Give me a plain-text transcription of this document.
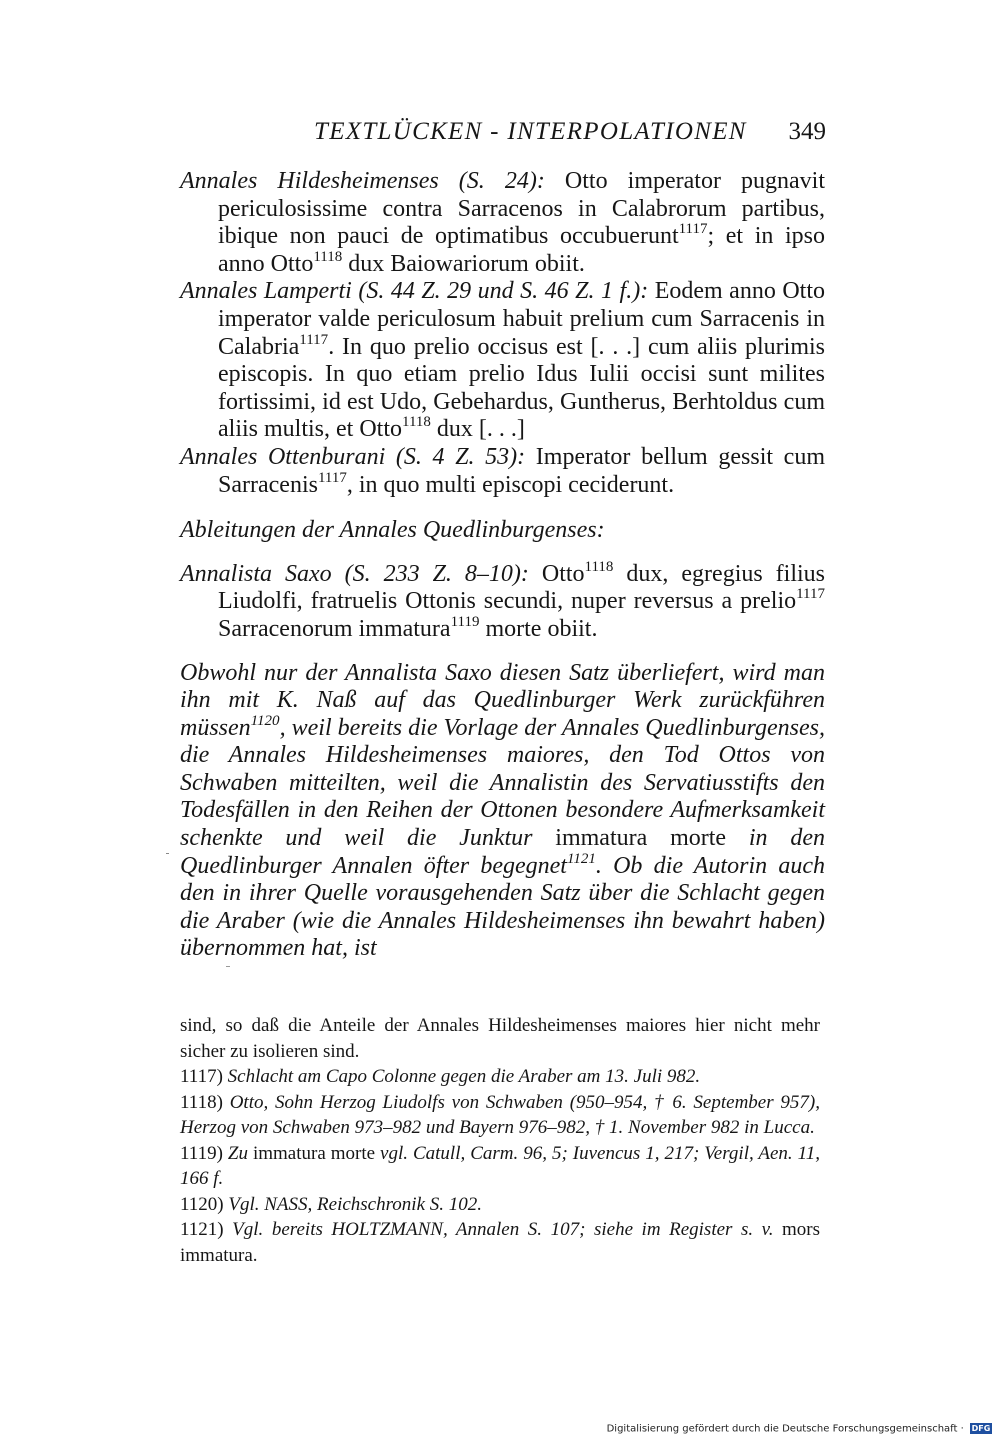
TEXTLÜCKEN - INTERPOLATIONEN 349

Annales Hildesheimenses (S. 24): Otto imperator pugnavit periculosissime contra Sarracenos in Calabrorum partibus, ibique non pauci de optimatibus occubuerunt$^{1117}$; et in ipso anno Otto$^{1118}$ dux Baiowariorum obiit.

Annales Lamperti (S. 44 Z. 29 und S. 46 Z. 1 f.): Eodem anno Otto imperator valde periculosum habuit prelium cum Sarracenis in Calabria$^{1117}$. In quo prelio occisus est [. . .] cum aliis plurimis episcopis. In quo etiam prelio Idus Iulii occisi sunt milites fortissimi, id est Udo, Gebehardus, Guntherus, Berhtoldus cum aliis multis, et Otto$^{1118}$ dux [. . .]

Annales Ottenburani (S. 4 Z. 53): Imperator bellum gessit cum Sarracenis$^{1117}$, in quo multi episcopi ceciderunt.

Ableitungen der Annales Quedlinburgenses:

Annalista Saxo (S. 233 Z. 8–10): Otto$^{1118}$ dux, egregius filius Liudolfi, fratruelis Ottonis secundi, nuper reversus a prelio$^{1117}$ Sarracenorum immatura$^{1119}$ morte obiit.

Obwohl nur der Annalista Saxo diesen Satz überliefert, wird man ihn mit K. Naß auf das Quedlinburger Werk zurückführen müssen$^{1120}$, weil bereits die Vorlage der Annales Quedlinburgenses, die Annales Hildesheimenses maiores, den Tod Ottos von Schwaben mitteilten, weil die Annalistin des Servatiusstifts den Todesfällen in den Reihen der Ottonen besondere Aufmerksamkeit schenkte und weil die Junktur immatura morte in den Quedlinburger Annalen öfter begegnet$^{1121}$. Ob die Autorin auch den in ihrer Quelle vorausgehenden Satz über die Schlacht gegen die Araber (wie die Annales Hildesheimenses ihn bewahrt haben) übernommen hat, ist

sind, so daß die Anteile der Annales Hildesheimenses maiores hier nicht mehr sicher zu isolieren sind.

1117) Schlacht am Capo Colonne gegen die Araber am 13. Juli 982.

1118) Otto, Sohn Herzog Liudolfs von Schwaben (950–954, † 6. September 957), Herzog von Schwaben 973–982 und Bayern 976–982, † 1. November 982 in Lucca.

1119) Zu immatura morte vgl. Catull, Carm. 96, 5; Iuvencus 1, 217; Vergil, Aen. 11, 166 f.

1120) Vgl. NASS, Reichschronik S. 102.

1121) Vgl. bereits HOLTZMANN, Annalen S. 107; siehe im Register s. v. mors immatura.

Digitalisierung gefördert durch die Deutsche Forschungsgemeinschaft · DFG
